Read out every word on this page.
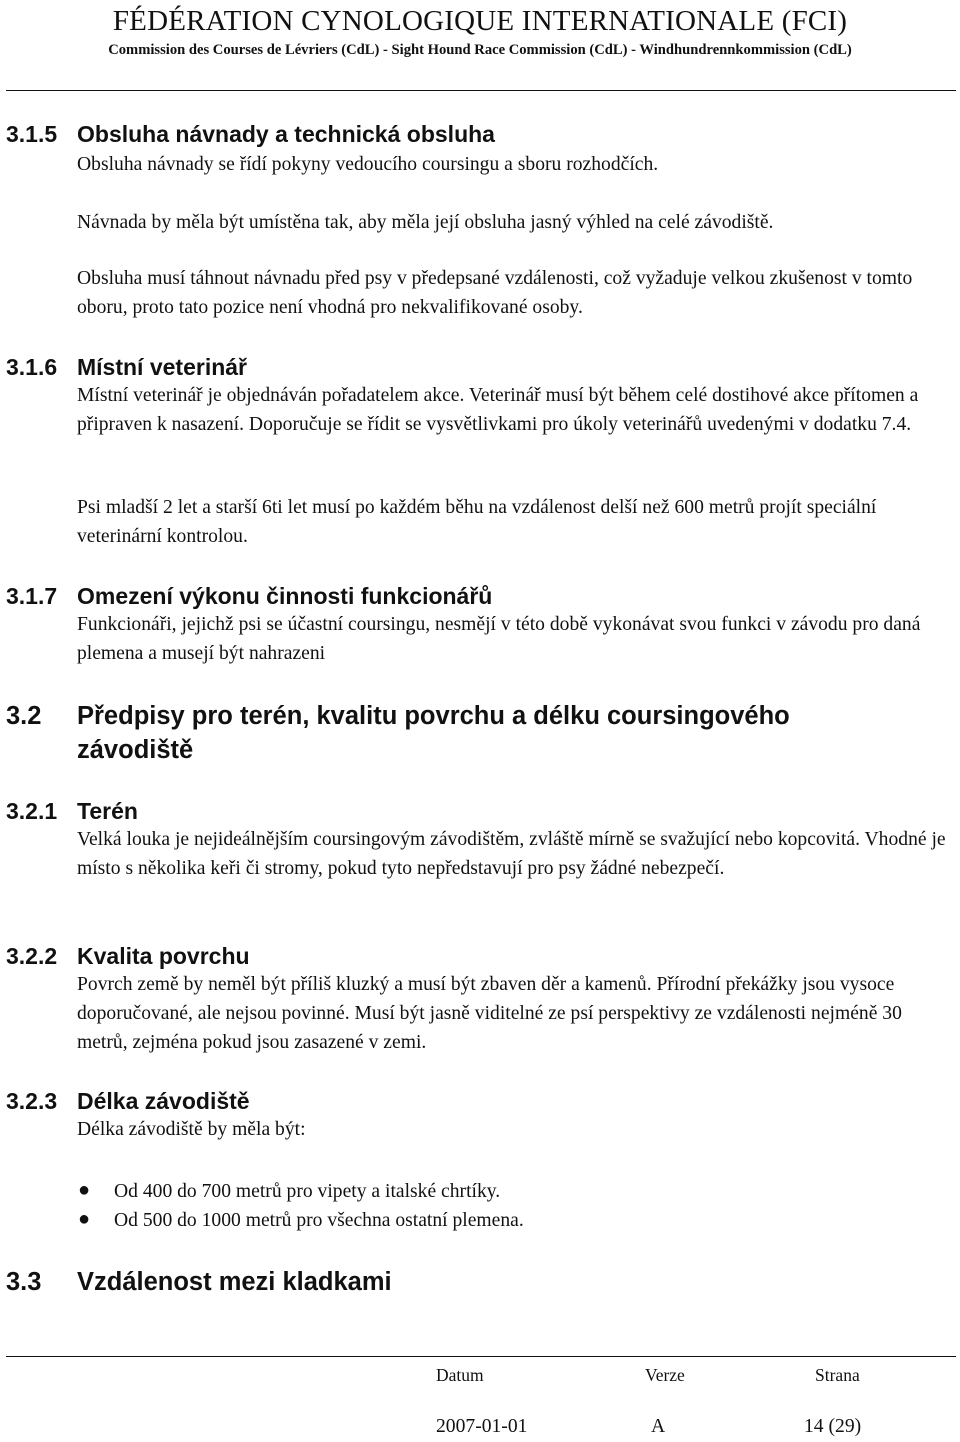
FÉDÉRATION CYNOLOGIQUE INTERNATIONALE (FCI)
Commission des Courses de Lévriers (CdL) - Sight Hound Race Commission (CdL) - Windhundrennkommission (CdL)
3.1.5 Obsluha návnady a technická obsluha

Obsluha návnady se řídí pokyny vedoucího coursingu a sboru rozhodčích.

Návnada by měla být umístěna tak, aby měla její obsluha jasný výhled na celé závodiště.

Obsluha musí táhnout návnadu před psy v předepsané vzdálenosti, což vyžaduje velkou zkušenost v tomto oboru, proto tato pozice není vhodná pro nekvalifikované osoby.

3.1.6 Místní veterinář

Místní veterinář je objednáván pořadatelem akce. Veterinář musí být během celé dostihové akce přítomen a připraven k nasazení. Doporučuje se řídit se vysvětlivkami pro úkoly veterinářů uvedenými v dodatku 7.4.

Psi mladší 2 let a starší 6ti let musí po každém běhu na vzdálenost delší než 600 metrů projít speciální veterinární kontrolou.

3.1.7 Omezení výkonu činnosti funkcionářů

Funkcionáři, jejichž psi se účastní coursingu, nesmějí v této době vykonávat svou funkci v závodu pro daná plemena a musejí být nahrazeni

3.2 Předpisy pro terén, kvalitu povrchu a délku coursingového
závodiště
3.2.1 Terén

Velká louka je nejideálnějším coursingovým závodištěm, zvláště mírně se svažující nebo kopcovitá. Vhodné je místo s několika keři či stromy, pokud tyto nepředstavují pro psy žádné nebezpečí.

3.2.2 Kvalita povrchu

Povrch země by neměl být příliš kluzký a musí být zbaven děr a kamenů. Přírodní překážky jsou vysoce doporučované, ale nejsou povinné. Musí být jasně viditelné ze psí perspektivy ze vzdálenosti nejméně 30 metrů, zejména pokud jsou zasazené v zemi.

3.2.3 Délka závodiště

Délka závodiště by měla být:

● Od 400 do 700 metrů pro vipety a italské chrtíky.
● Od 500 do 1000 metrů pro všechna ostatní plemena.
3.3 Vzdálenost mezi kladkami
Datum	Verze	Strana
2007-01-01	A	14 (29)
